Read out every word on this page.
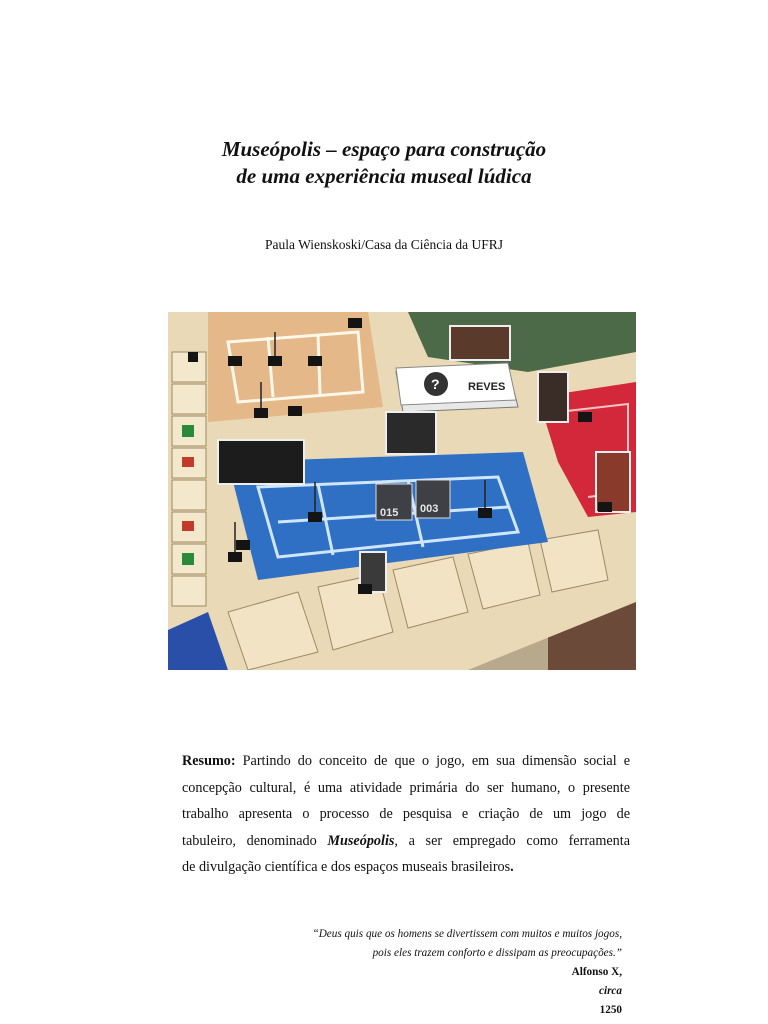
Museópolis – espaço para construção
de uma experiência museal lúdica
Paula Wienskoski/Casa da Ciência da UFRJ
REVES
?
015 003
Resumo: Partindo do conceito de que o jogo, em sua dimensão social e
concepção cultural, é uma atividade primária do ser humano, o presente
trabalho apresenta o processo de pesquisa e criação de um jogo de
tabuleiro, denominado Museópolis, a ser empregado como ferramenta
de divulgação científica e dos espaços museais brasileiros.
“Deus quis que os homens se divertissem com muitos e muitos jogos,
pois eles trazem conforto e dissipam as preocupações.”
Alfonso X,
circa
1250
